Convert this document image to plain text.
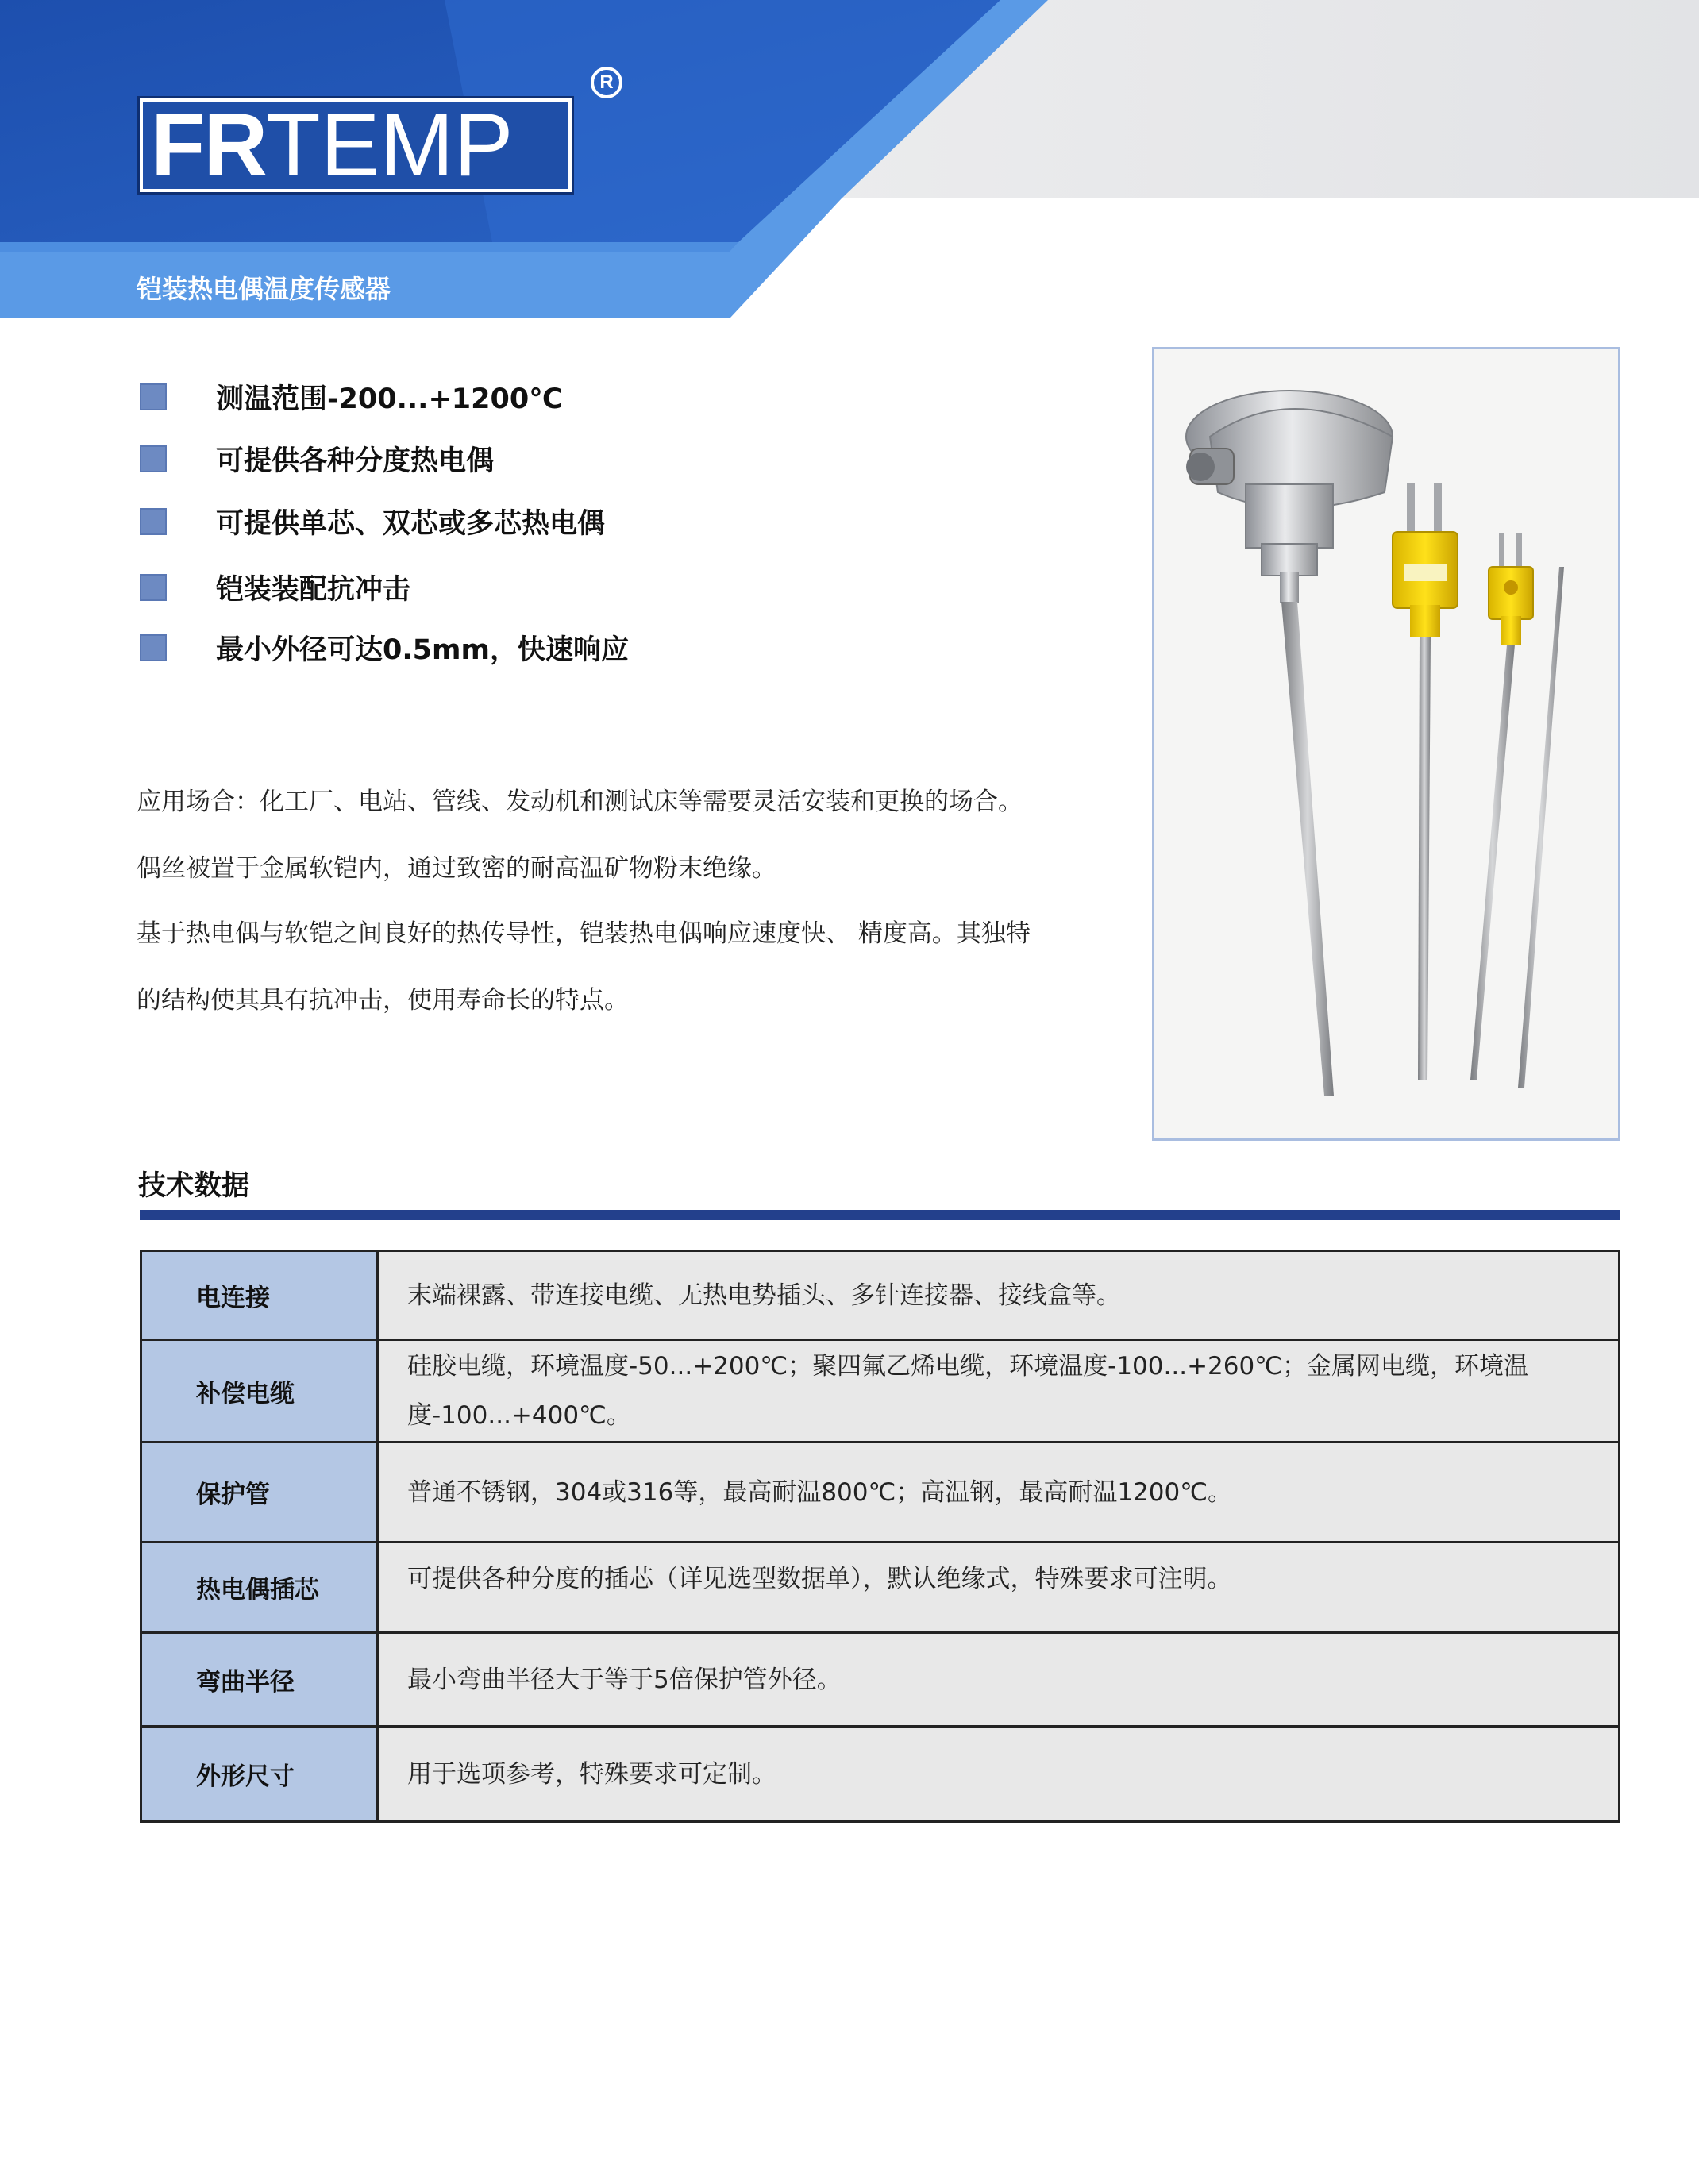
FRTEMP
R
铠装热电偶温度传感器
测温范围-200...+1200℃
可提供各种分度热电偶
可提供单芯、双芯或多芯热电偶
铠装装配抗冲击
最小外径可达0.5mm，快速响应

应用场合：化工厂、电站、管线、发动机和测试床等需要灵活安装和更换的场合。

偶丝被置于金属软铠内，通过致密的耐高温矿物粉末绝缘。

基于热电偶与软铠之间良好的热传导性，铠装热电偶响应速度快、 精度高。其独特

的结构使其具有抗冲击，使用寿命长的特点。

技术数据
电连接	末端裸露、带连接电缆、无热电势插头、多针连接器、接线盒等。
补偿电缆	硅胶电缆，环境温度-50...+200℃；聚四氟乙烯电缆，环境温度-100...+260℃；金属网电缆，环境温度-100...+400℃。
保护管	普通不锈钢，304或316等，最高耐温800℃；高温钢，最高耐温1200℃。
热电偶插芯	可提供各种分度的插芯（详见选型数据单），默认绝缘式，特殊要求可注明。
弯曲半径	最小弯曲半径大于等于5倍保护管外径。
外形尺寸	用于选项参考，特殊要求可定制。
